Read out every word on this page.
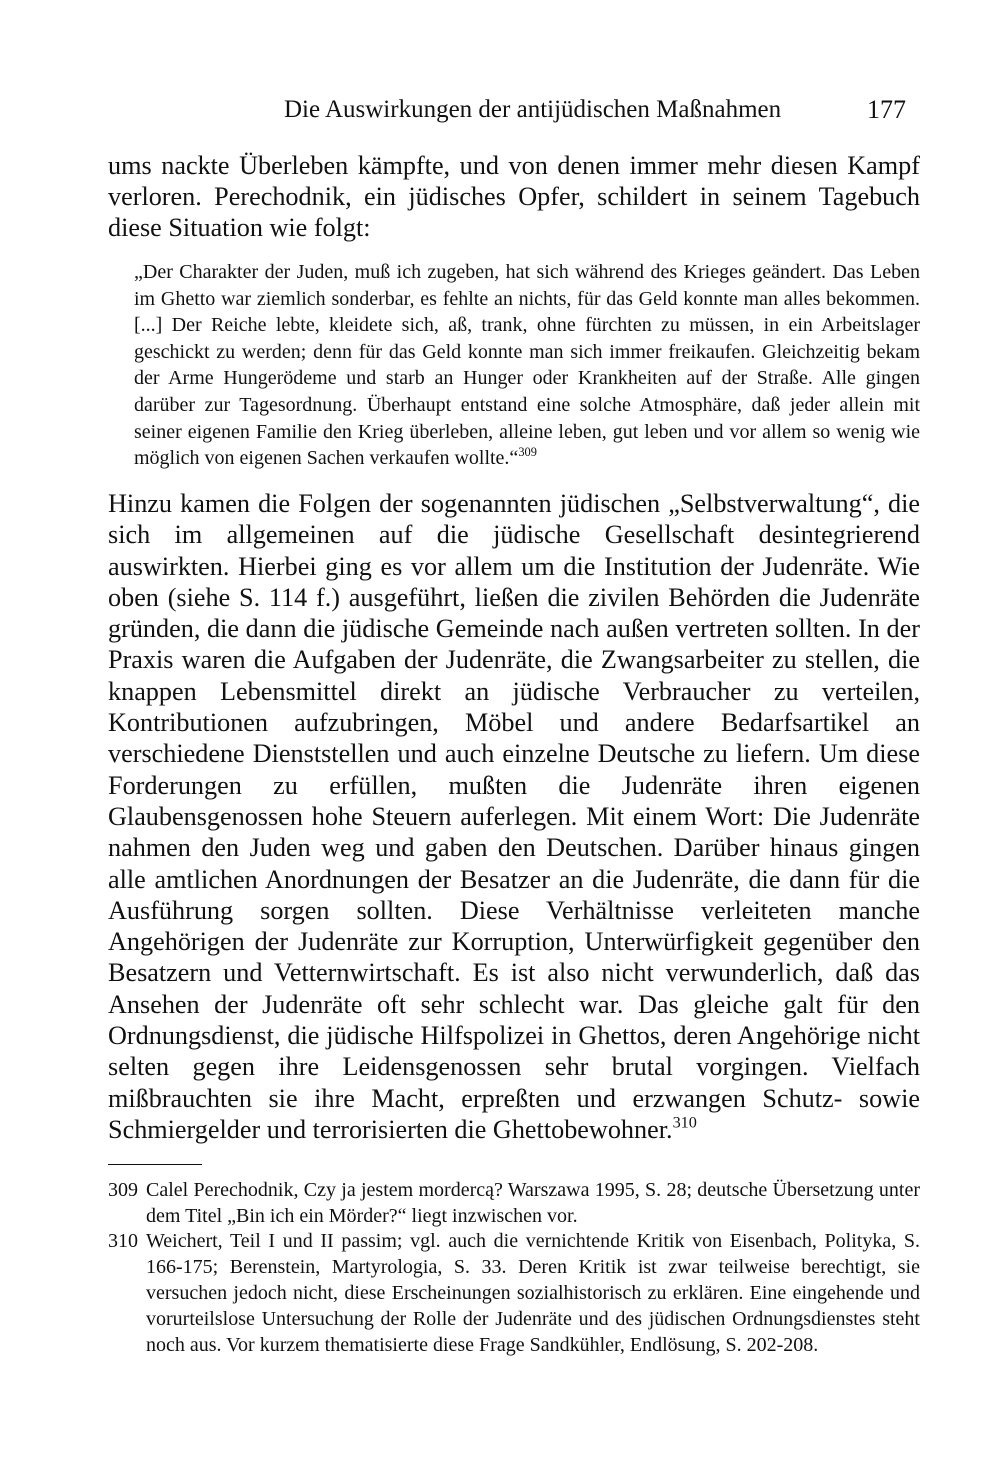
Die Auswirkungen der antijüdischen Maßnahmen	177

ums nackte Überleben kämpfte, und von denen immer mehr diesen Kampf verloren. Perechodnik, ein jüdisches Opfer, schildert in seinem Tagebuch diese Situation wie folgt:

„Der Charakter der Juden, muß ich zugeben, hat sich während des Krieges geändert. Das Leben im Ghetto war ziemlich sonderbar, es fehlte an nichts, für das Geld konnte man alles bekommen. [...] Der Reiche lebte, kleidete sich, aß, trank, ohne fürchten zu müssen, in ein Arbeitslager geschickt zu werden; denn für das Geld konnte man sich immer freikaufen. Gleichzeitig bekam der Arme Hungerödeme und starb an Hunger oder Krankheiten auf der Straße. Alle gingen darüber zur Tagesordnung. Überhaupt entstand eine solche Atmosphäre, daß jeder allein mit seiner eigenen Familie den Krieg überleben, alleine leben, gut leben und vor allem so wenig wie möglich von eigenen Sachen verkaufen wollte.“$^{309}$

Hinzu kamen die Folgen der sogenannten jüdischen „Selbstverwaltung“, die sich im allgemeinen auf die jüdische Gesellschaft desintegrierend auswirkten. Hierbei ging es vor allem um die Institution der Judenräte. Wie oben (siehe S. 114 f.) ausgeführt, ließen die zivilen Behörden die Judenräte gründen, die dann die jüdische Gemeinde nach außen vertreten sollten. In der Praxis waren die Aufgaben der Judenräte, die Zwangsarbeiter zu stellen, die knappen Lebensmittel direkt an jüdische Verbraucher zu verteilen, Kontributionen aufzubringen, Möbel und andere Bedarfsartikel an verschiedene Dienststellen und auch einzelne Deutsche zu liefern. Um diese Forderungen zu erfüllen, mußten die Judenräte ihren eigenen Glaubensgenossen hohe Steuern auferlegen. Mit einem Wort: Die Judenräte nahmen den Juden weg und gaben den Deutschen. Darüber hinaus gingen alle amtlichen Anordnungen der Besatzer an die Judenräte, die dann für die Ausführung sorgen sollten. Diese Verhältnisse verleiteten manche Angehörigen der Judenräte zur Korruption, Unterwürfigkeit gegenüber den Besatzern und Vetternwirtschaft. Es ist also nicht verwunderlich, daß das Ansehen der Judenräte oft sehr schlecht war. Das gleiche galt für den Ordnungsdienst, die jüdische Hilfspolizei in Ghettos, deren Angehörige nicht selten gegen ihre Leidensgenossen sehr brutal vorgingen. Vielfach mißbrauchten sie ihre Macht, erpreßten und erzwangen Schutz- sowie Schmiergelder und terrorisierten die Ghettobewohner.$^{310}$

309 Calel Perechodnik, Czy ja jestem mordercą? Warszawa 1995, S. 28; deutsche Übersetzung unter dem Titel „Bin ich ein Mörder?“ liegt inzwischen vor.
310 Weichert, Teil I und II passim; vgl. auch die vernichtende Kritik von Eisenbach, Polityka, S. 166-175; Berenstein, Martyrologia, S. 33. Deren Kritik ist zwar teilweise berechtigt, sie versuchen jedoch nicht, diese Erscheinungen sozialhistorisch zu erklären. Eine eingehende und vorurteilslose Untersuchung der Rolle der Judenräte und des jüdischen Ordnungsdienstes steht noch aus. Vor kurzem thematisierte diese Frage Sandkühler, Endlösung, S. 202-208.
